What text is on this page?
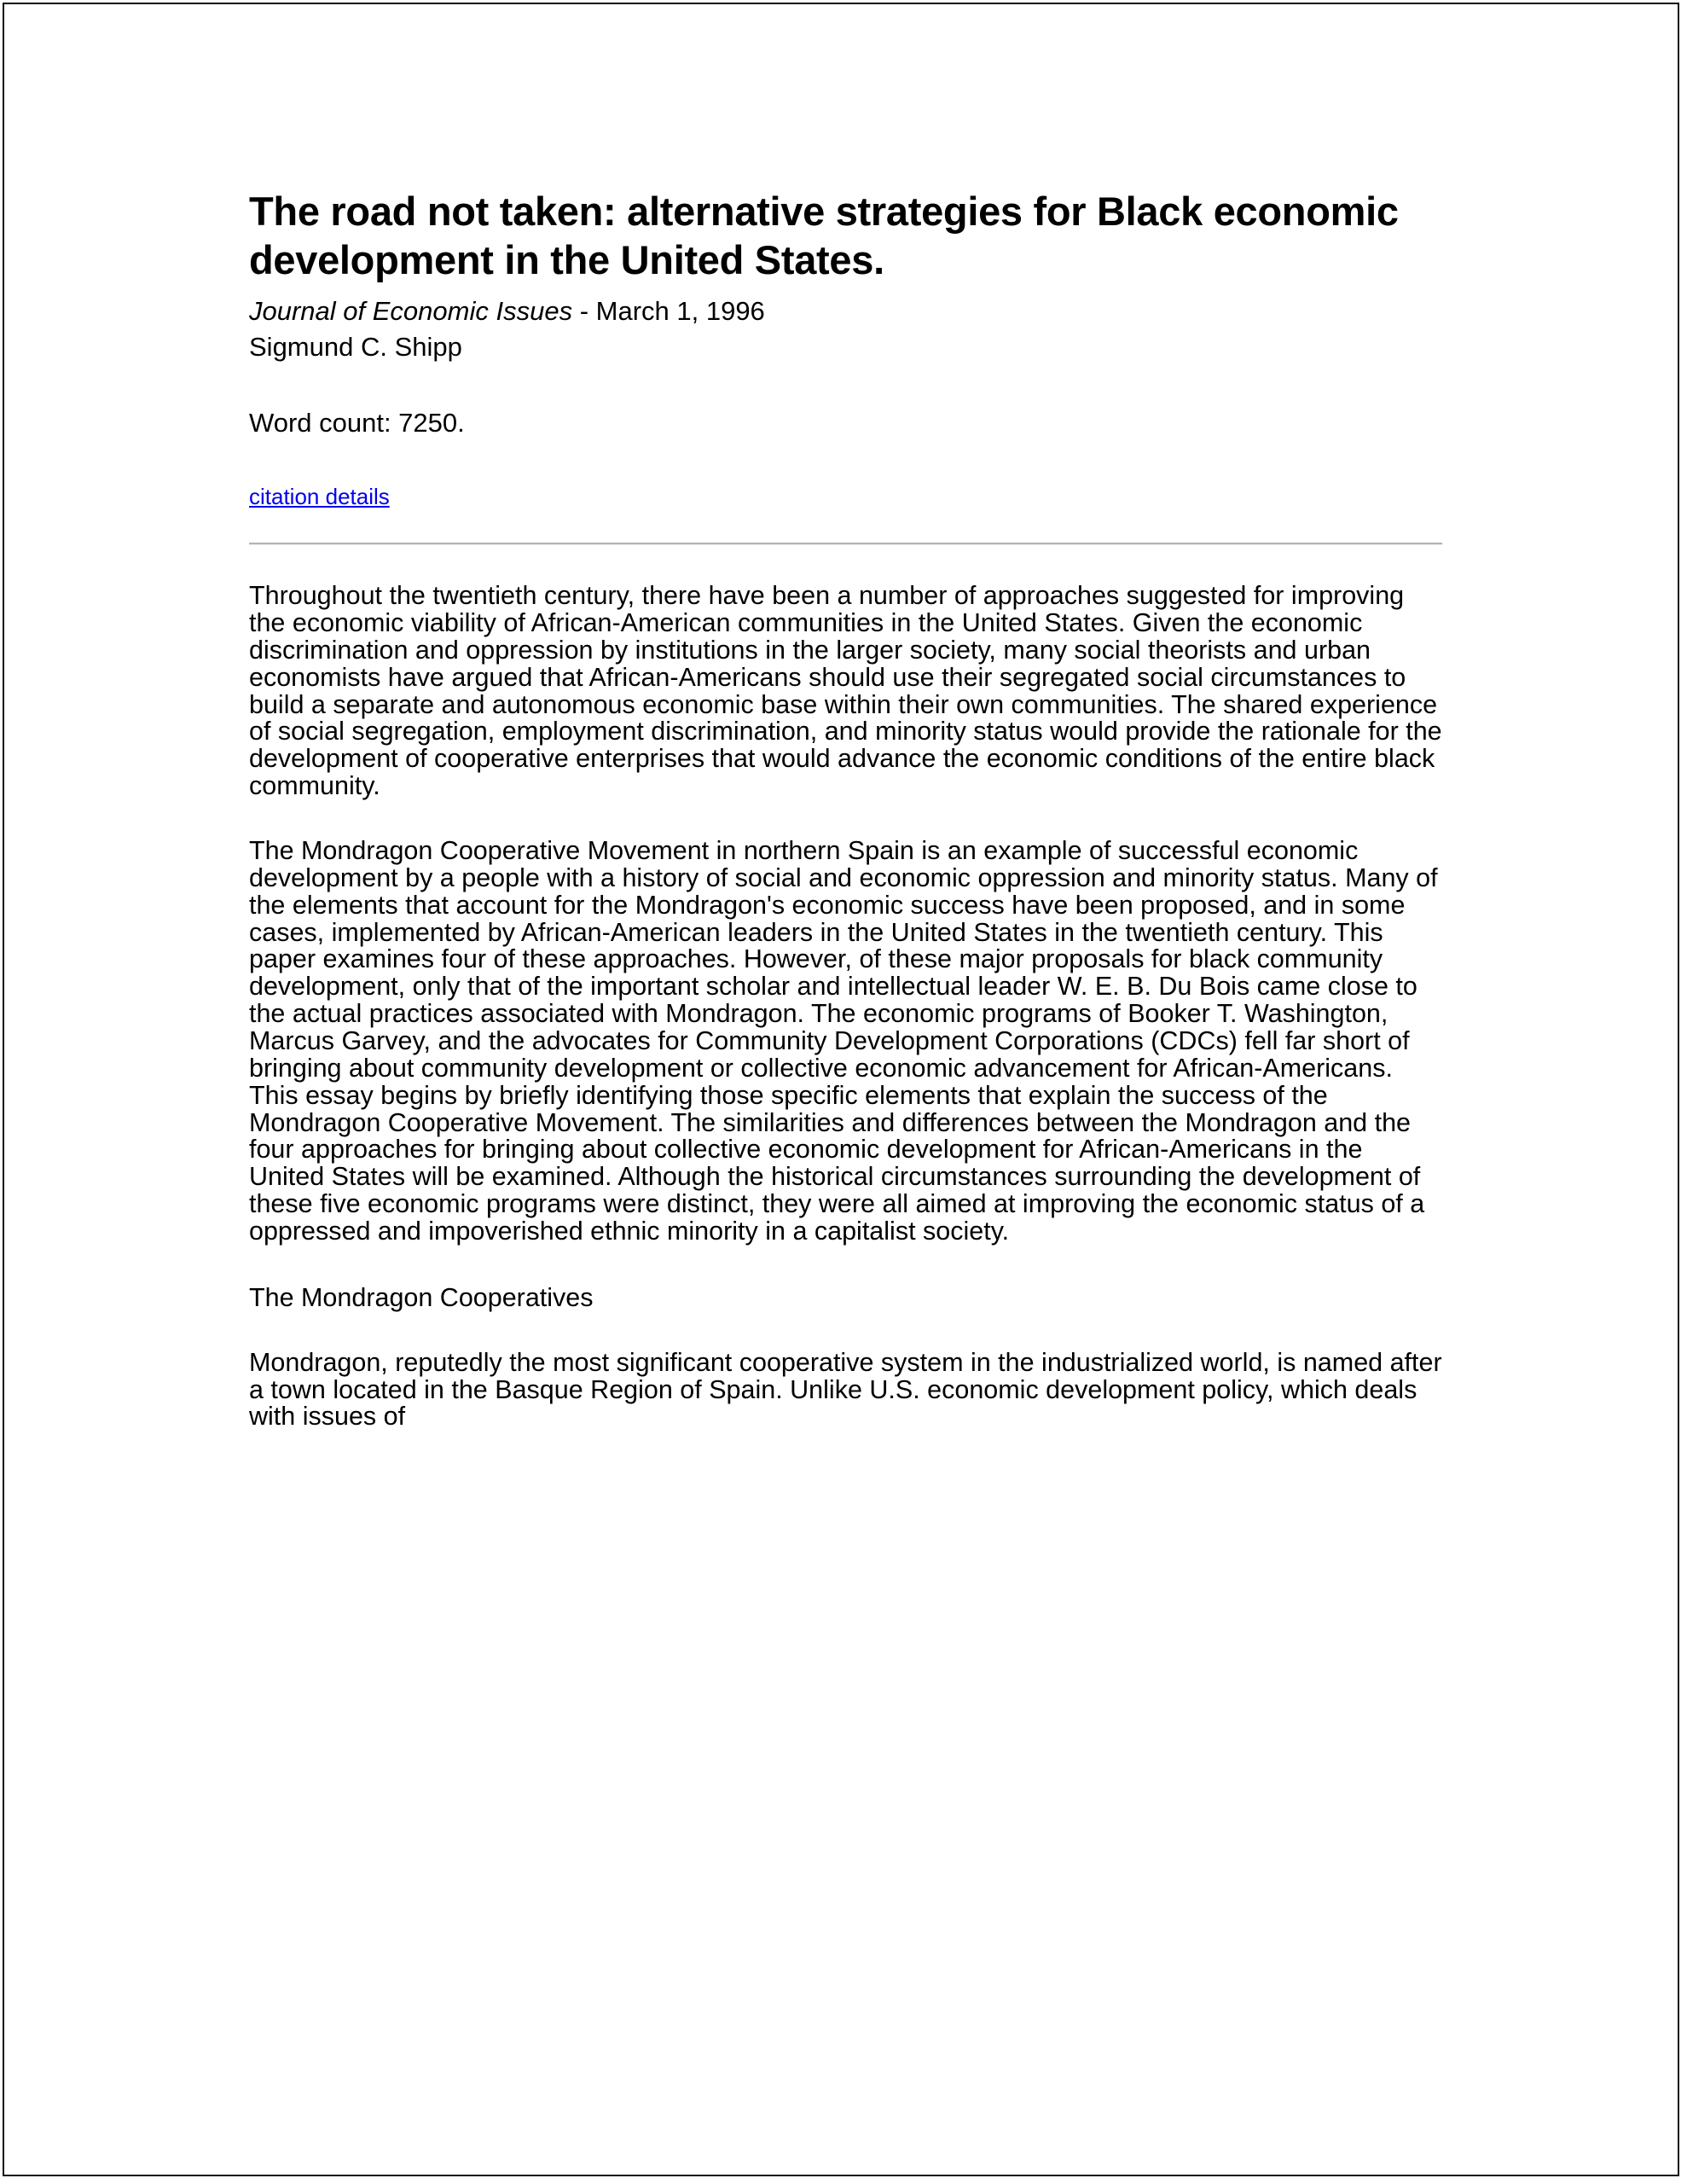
The road not taken: alternative strategies for Black economic development in the United States.

Journal of Economic Issues - March 1, 1996

Sigmund C. Shipp

Word count: 7250.

citation details

Throughout the twentieth century, there have been a number of approaches suggested for improving the economic viability of African-American communities in the United States. Given the economic discrimination and oppression by institutions in the larger society, many social theorists and urban economists have argued that African-Americans should use their segregated social circumstances to build a separate and autonomous economic base within their own communities. The shared experience of social segregation, employment discrimination, and minority status would provide the rationale for the development of cooperative enterprises that would advance the economic conditions of the entire black community.

The Mondragon Cooperative Movement in northern Spain is an example of successful economic development by a people with a history of social and economic oppression and minority status. Many of the elements that account for the Mondragon's economic success have been proposed, and in some cases, implemented by African-American leaders in the United States in the twentieth century. This paper examines four of these approaches. However, of these major proposals for black community development, only that of the important scholar and intellectual leader W. E. B. Du Bois came close to the actual practices associated with Mondragon. The economic programs of Booker T. Washington, Marcus Garvey, and the advocates for Community Development Corporations (CDCs) fell far short of bringing about community development or collective economic advancement for African-Americans. This essay begins by briefly identifying those specific elements that explain the success of the Mondragon Cooperative Movement. The similarities and differences between the Mondragon and the four approaches for bringing about collective economic development for African-Americans in the United States will be examined. Although the historical circumstances surrounding the development of these five economic programs were distinct, they were all aimed at improving the economic status of a oppressed and impoverished ethnic minority in a capitalist society.

The Mondragon Cooperatives

Mondragon, reputedly the most significant cooperative system in the industrialized world, is named after a town located in the Basque Region of Spain. Unlike U.S. economic development policy, which deals with issues of
